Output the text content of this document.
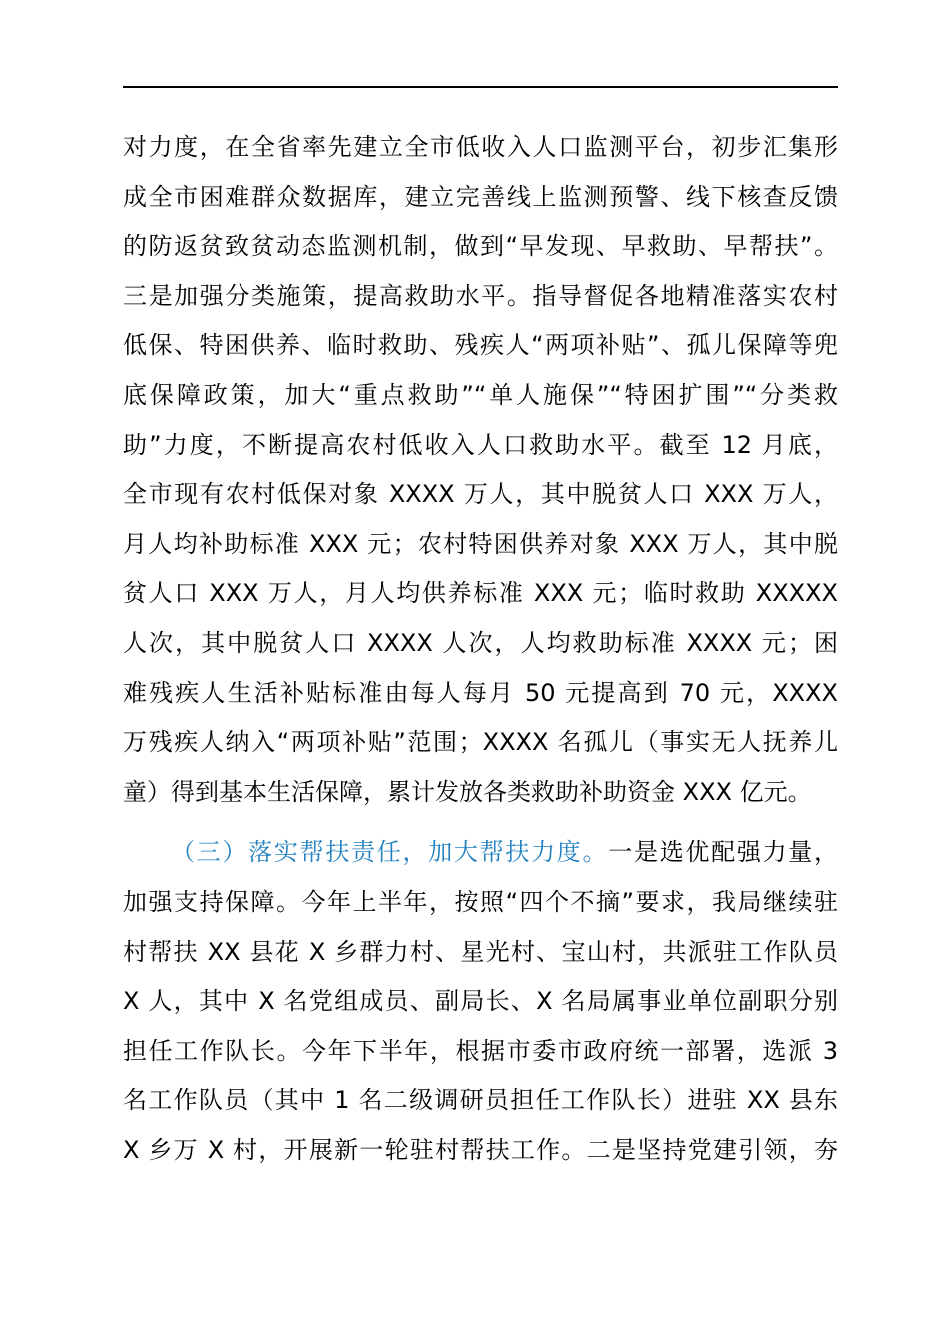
对力度，在全省率先建立全市低收入人口监测平台，初步汇集形
成全市困难群众数据库，建立完善线上监测预警、线下核查反馈
的防返贫致贫动态监测机制，做到“早发现、早救助、早帮扶”。
三是加强分类施策，提高救助水平。指导督促各地精准落实农村
低保、特困供养、临时救助、残疾人“两项补贴”、孤儿保障等兜
底保障政策，加大“重点救助”“单人施保”“特困扩围”“分类救
助”力度，不断提高农村低收入人口救助水平。截至 12 月底，
全市现有农村低保对象 XXXX 万人，其中脱贫人口 XXX 万人，
月人均补助标准 XXX 元；农村特困供养对象 XXX 万人，其中脱
贫人口 XXX 万人，月人均供养标准 XXX 元；临时救助 XXXXX
人次，其中脱贫人口 XXXX 人次，人均救助标准 XXXX 元；困
难残疾人生活补贴标准由每人每月 50 元提高到 70 元，XXXX
万残疾人纳入“两项补贴”范围；XXXX 名孤儿（事实无人抚养儿
童）得到基本生活保障，累计发放各类救助补助资金 XXX 亿元。
（三）落实帮扶责任，加大帮扶力度。一是选优配强力量，
加强支持保障。今年上半年，按照“四个不摘”要求，我局继续驻
村帮扶 XX 县花 X 乡群力村、星光村、宝山村，共派驻工作队员
X 人，其中 X 名党组成员、副局长、X 名局属事业单位副职分别
担任工作队长。今年下半年，根据市委市政府统一部署，选派 3
名工作队员（其中 1 名二级调研员担任工作队长）进驻 XX 县东
X 乡万 X 村，开展新一轮驻村帮扶工作。二是坚持党建引领，夯
